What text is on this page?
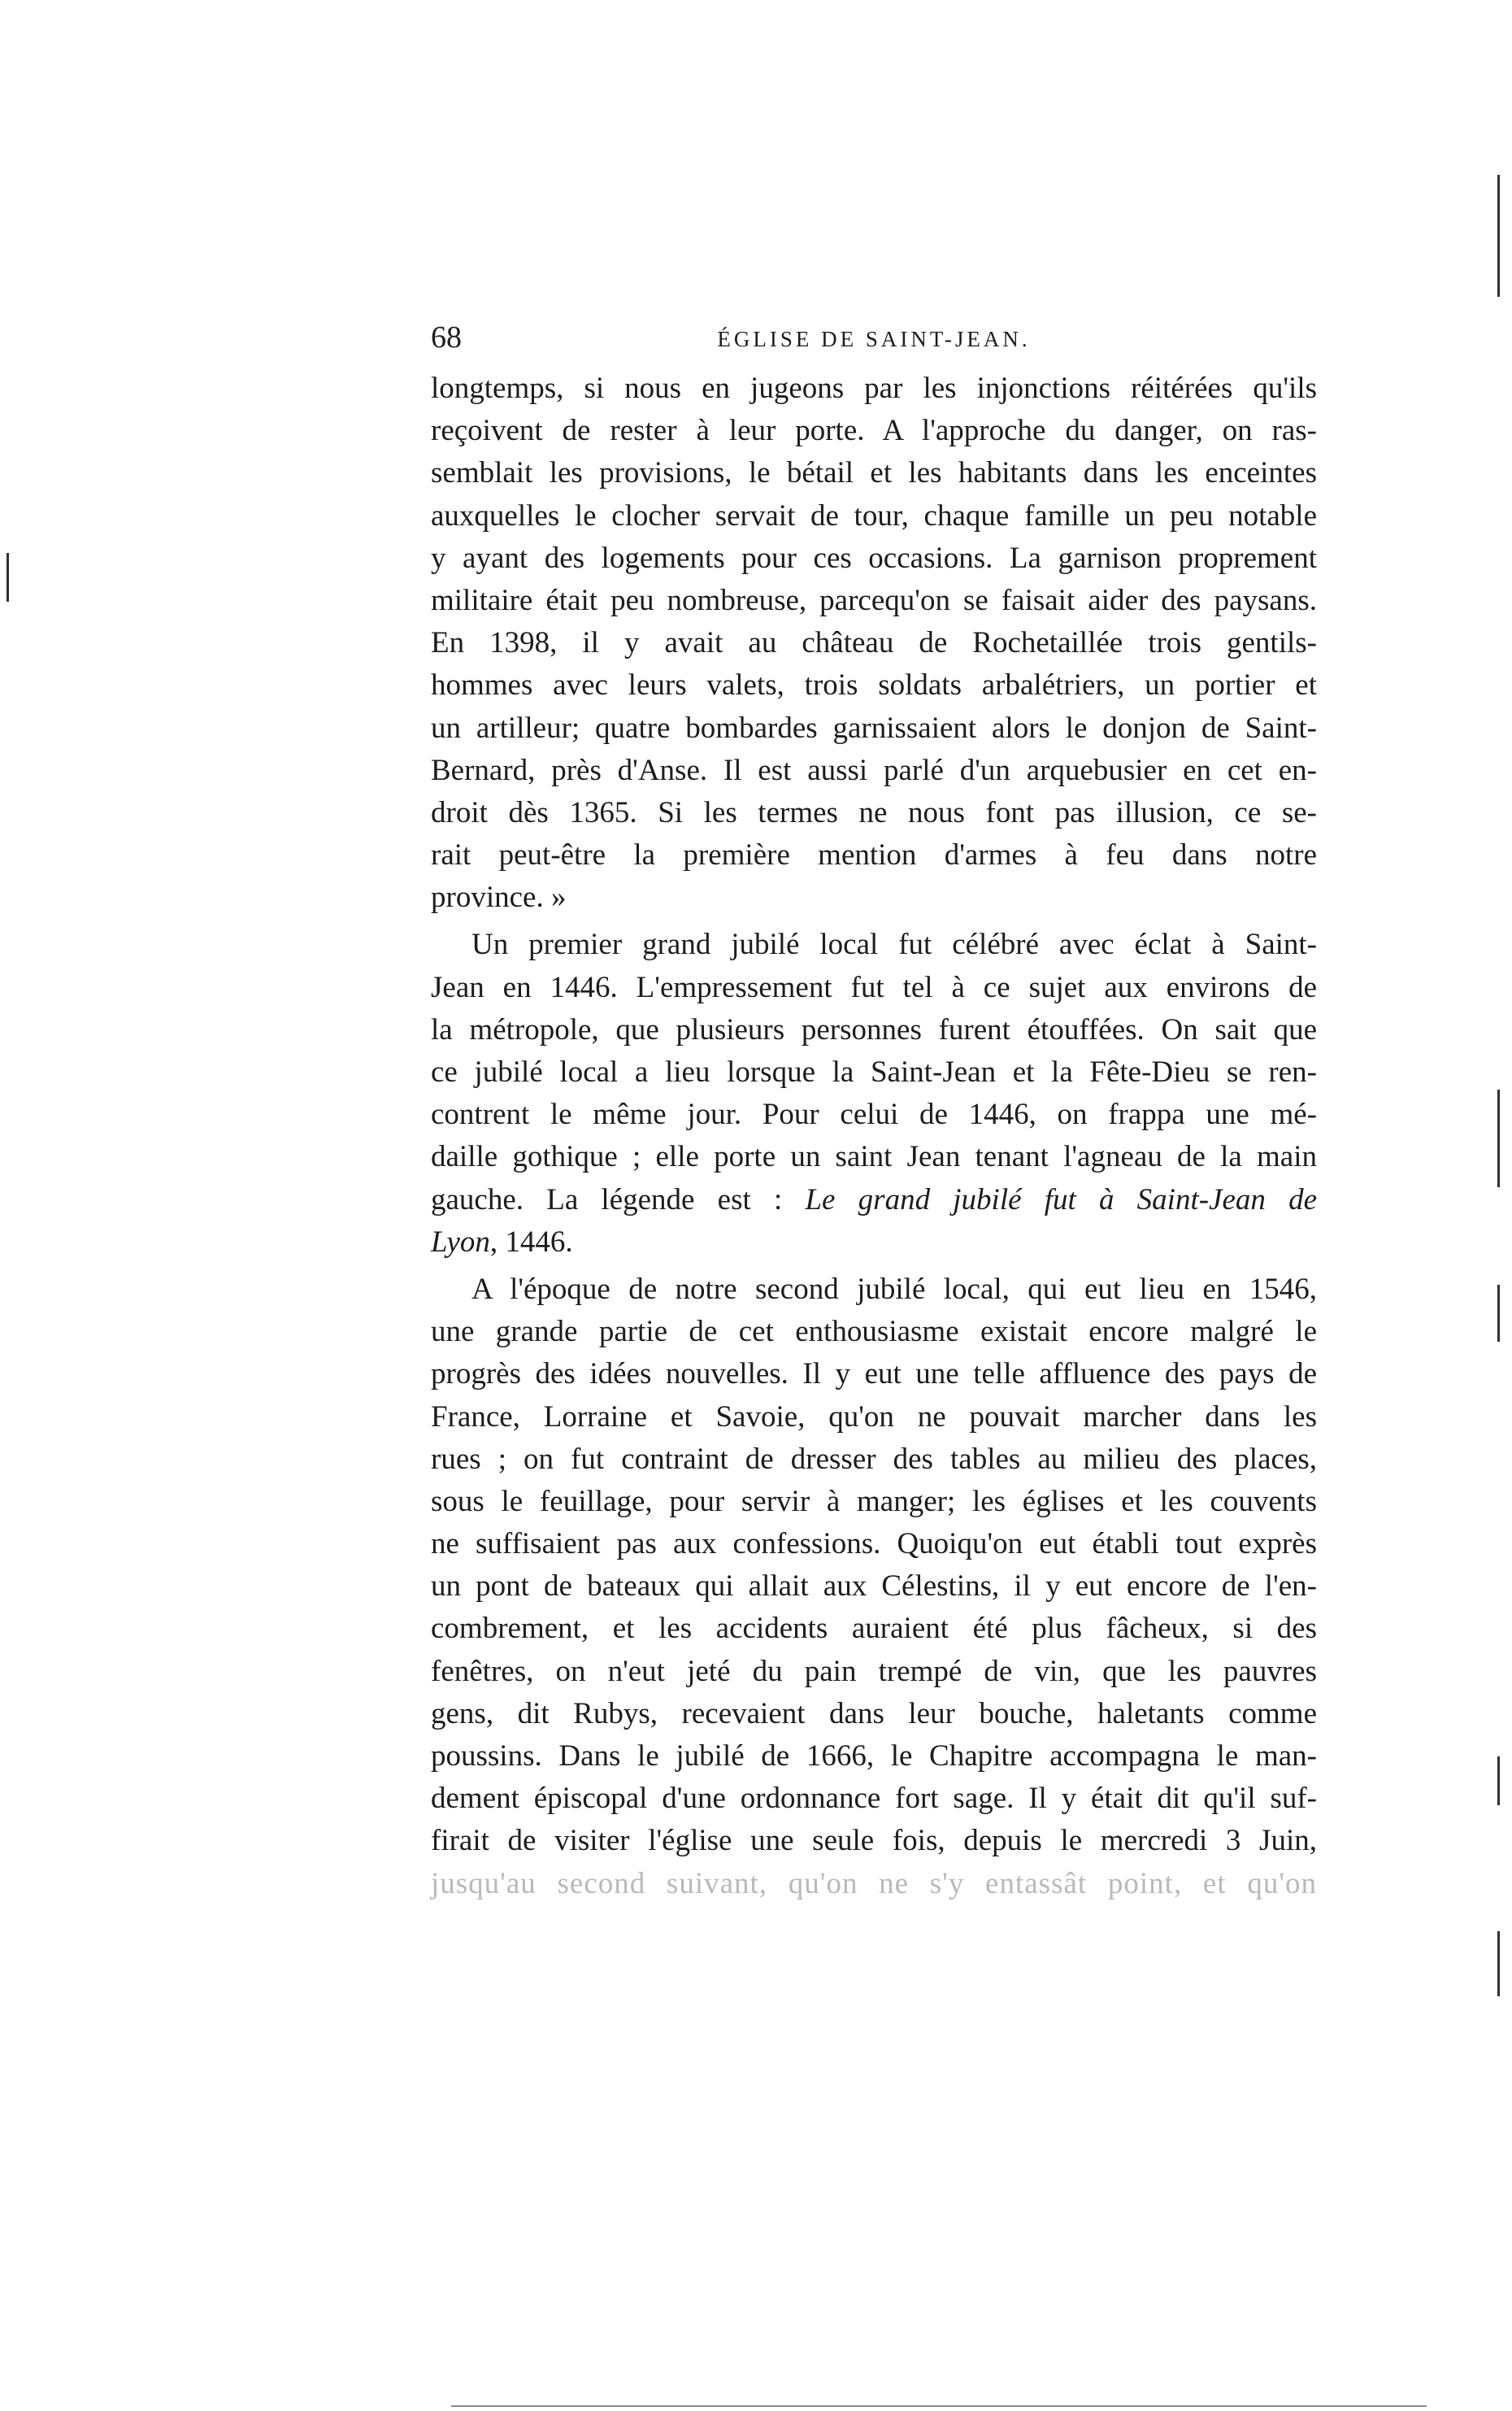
68	ÉGLISE DE SAINT-JEAN.
longtemps, si nous en jugeons par les injonctions réitérées qu'ils
reçoivent de rester à leur porte. A l'approche du danger, on ras-
semblait les provisions, le bétail et les habitants dans les enceintes
auxquelles le clocher servait de tour, chaque famille un peu notable
y ayant des logements pour ces occasions. La garnison proprement
militaire était peu nombreuse, parcequ'on se faisait aider des paysans.
En 1398, il y avait au château de Rochetaillée trois gentils-
hommes avec leurs valets, trois soldats arbalétriers, un portier et
un artilleur; quatre bombardes garnissaient alors le donjon de Saint-
Bernard, près d'Anse. Il est aussi parlé d'un arquebusier en cet en-
droit dès 1365. Si les termes ne nous font pas illusion, ce se-
rait peut-être la première mention d'armes à feu dans notre
province. »
Un premier grand jubilé local fut célébré avec éclat à Saint-
Jean en 1446. L'empressement fut tel à ce sujet aux environs de
la métropole, que plusieurs personnes furent étouffées. On sait que
ce jubilé local a lieu lorsque la Saint-Jean et la Fête-Dieu se ren-
contrent le même jour. Pour celui de 1446, on frappa une mé-
daille gothique ; elle porte un saint Jean tenant l'agneau de la main
gauche. La légende est : Le grand jubilé fut à Saint-Jean de
Lyon, 1446.
A l'époque de notre second jubilé local, qui eut lieu en 1546,
une grande partie de cet enthousiasme existait encore malgré le
progrès des idées nouvelles. Il y eut une telle affluence des pays de
France, Lorraine et Savoie, qu'on ne pouvait marcher dans les
rues ; on fut contraint de dresser des tables au milieu des places,
sous le feuillage, pour servir à manger; les églises et les couvents
ne suffisaient pas aux confessions. Quoiqu'on eut établi tout exprès
un pont de bateaux qui allait aux Célestins, il y eut encore de l'en-
combrement, et les accidents auraient été plus fâcheux, si des
fenêtres, on n'eut jeté du pain trempé de vin, que les pauvres
gens, dit Rubys, recevaient dans leur bouche, haletants comme
poussins. Dans le jubilé de 1666, le Chapitre accompagna le man-
dement épiscopal d'une ordonnance fort sage. Il y était dit qu'il suf-
firait de visiter l'église une seule fois, depuis le mercredi 3 Juin,
jusqu'au second suivant, qu'on ne s'y entassât point, et qu'on
